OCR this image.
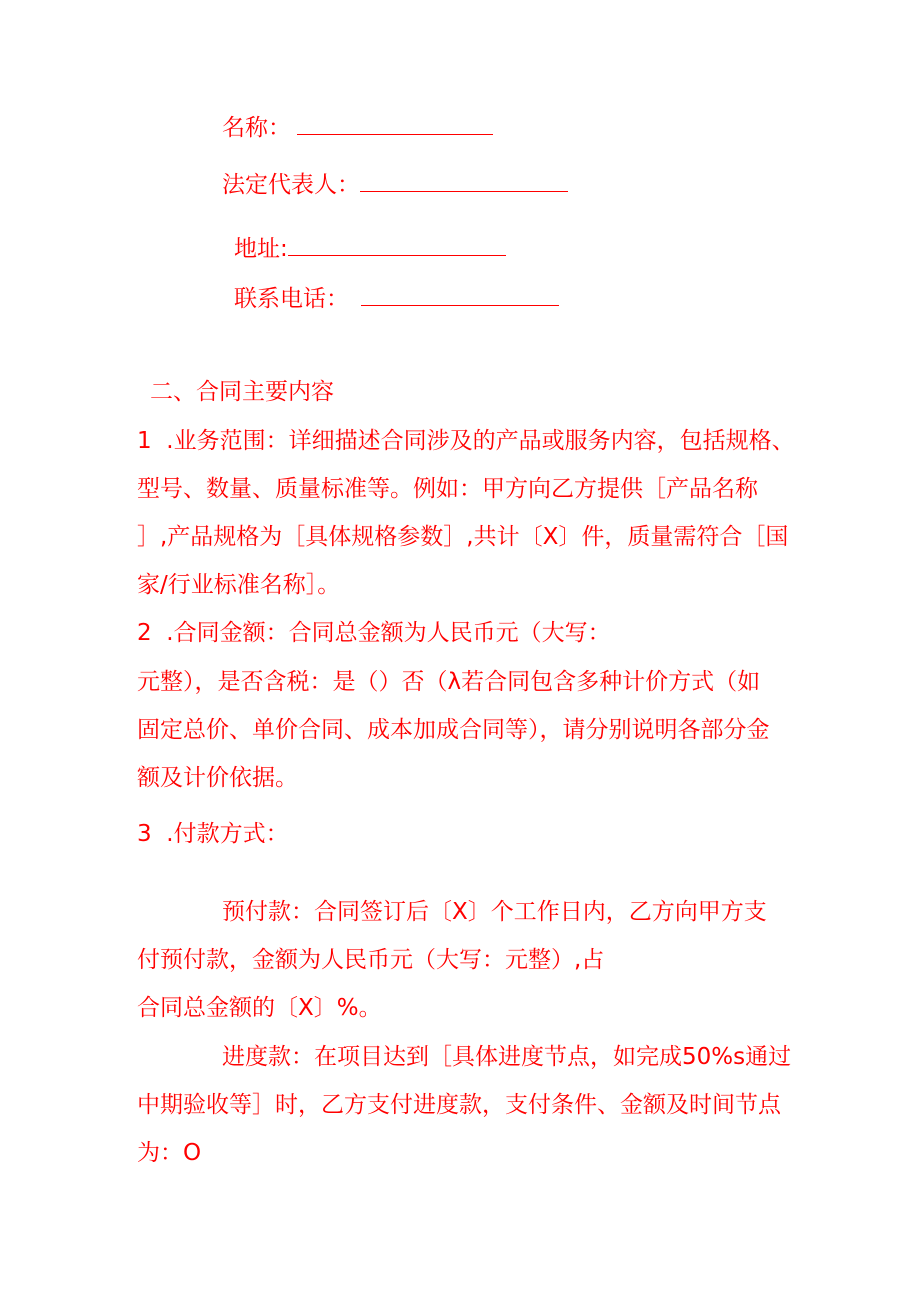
名称：
法定代表人：
地址:
联系电话：
二、合同主要内容
1  .业务范围：详细描述合同涉及的产品或服务内容，包括规格、
型号、数量、质量标准等。例如：甲方向乙方提供［产品名称
］,产品规格为［具体规格参数］,共计〔X〕件，质量需符合［国
家/行业标准名称］。
2  .合同金额：合同总金额为人民币元（大写：
元整），是否含税：是（）否（λ若合同包含多种计价方式（如
固定总价、单价合同、成本加成合同等），请分别说明各部分金
额及计价依据。
3  .付款方式：
预付款：合同签订后〔X〕个工作日内，乙方向甲方支
付预付款，金额为人民币元（大写：元整）,占
合同总金额的〔X〕%。
进度款：在项目达到［具体进度节点，如完成50%s通过
中期验收等］时，乙方支付进度款，支付条件、金额及时间节点
为：O
